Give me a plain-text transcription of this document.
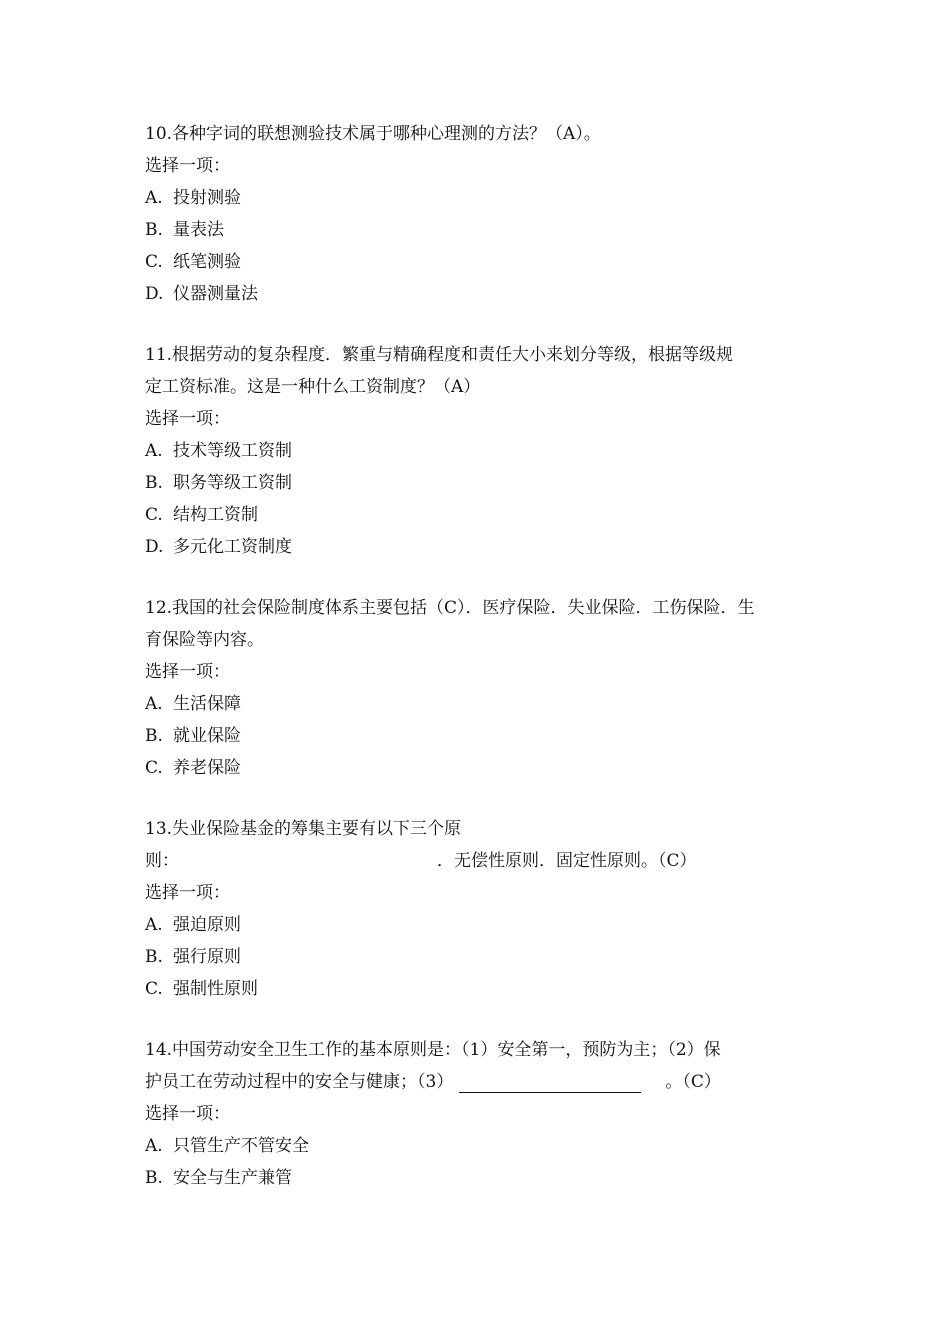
10.各种字词的联想测验技术属于哪种心理测的方法？（A）。
选择一项：
A. 投射测验
B. 量表法
C. 纸笔测验
D. 仪器测量法
11.根据劳动的复杂程度．繁重与精确程度和责任大小来划分等级，根据等级规
定工资标准。这是一种什么工资制度？（A）
选择一项：
A. 技术等级工资制
B. 职务等级工资制
C. 结构工资制
D. 多元化工资制度
12.我国的社会保险制度体系主要包括（C）．医疗保险．失业保险．工伤保险．生
育保险等内容。
选择一项：
A. 生活保障
B. 就业保险
C. 养老保险
13.失业保险基金的筹集主要有以下三个原
则：	．无偿性原则．固定性原则。（C）
选择一项：
A. 强迫原则
B. 强行原则
C. 强制性原则
14.中国劳动安全卫生工作的基本原则是：（1）安全第一，预防为主；（2）保
护员工在劳动过程中的安全与健康；（3）	。（C）
选择一项：
A. 只管生产不管安全
B. 安全与生产兼管
